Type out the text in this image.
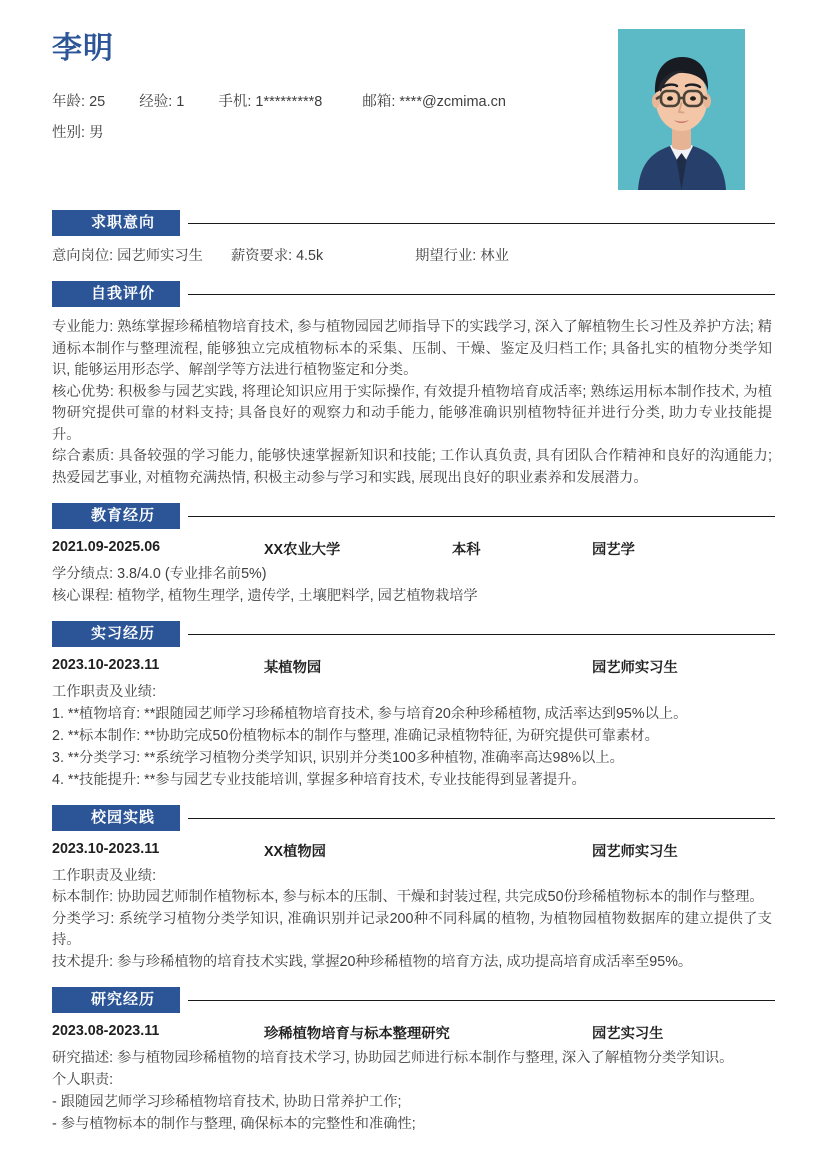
李明
年龄: 25 经验: 1 手机: 1*********8	邮箱: ****@zcmima.cn
性别: 男
求职意向
意向岗位: 园艺师实习生 薪资要求: 4.5k	期望行业: 林业
自我评价

专业能力: 熟练掌握珍稀植物培育技术, 参与植物园园艺师指导下的实践学习, 深入了解植物生长习性及养护方法; 精通标本制作与整理流程, 能够独立完成植物标本的采集、压制、干燥、鉴定及归档工作; 具备扎实的植物分类学知识, 能够运用形态学、解剖学等方法进行植物鉴定和分类。

核心优势: 积极参与园艺实践, 将理论知识应用于实际操作, 有效提升植物培育成活率; 熟练运用标本制作技术, 为植物研究提供可靠的材料支持; 具备良好的观察力和动手能力, 能够准确识别植物特征并进行分类, 助力专业技能提升。

综合素质: 具备较强的学习能力, 能够快速掌握新知识和技能; 工作认真负责, 具有团队合作精神和良好的沟通能力; 热爱园艺事业, 对植物充满热情, 积极主动参与学习和实践, 展现出良好的职业素养和发展潜力。

教育经历
2021.09-2025.06	XX农业大学	本科	园艺学
学分绩点: 3.8/4.0 (专业排名前5%)
核心课程: 植物学, 植物生理学, 遗传学, 土壤肥料学, 园艺植物栽培学
实习经历
2023.10-2023.11	某植物园	园艺师实习生
工作职责及业绩:
1. **植物培育: **跟随园艺师学习珍稀植物培育技术, 参与培育20余种珍稀植物, 成活率达到95%以上。
2. **标本制作: **协助完成50份植物标本的制作与整理, 准确记录植物特征, 为研究提供可靠素材。
3. **分类学习: **系统学习植物分类学知识, 识别并分类100多种植物, 准确率高达98%以上。
4. **技能提升: **参与园艺专业技能培训, 掌握多种培育技术, 专业技能得到显著提升。
校园实践
2023.10-2023.11	XX植物园	园艺师实习生
工作职责及业绩:

标本制作: 协助园艺师制作植物标本, 参与标本的压制、干燥和封装过程, 共完成50份珍稀植物标本的制作与整理。

分类学习: 系统学习植物分类学知识, 准确识别并记录200种不同科属的植物, 为植物园植物数据库的建立提供了支持。

技术提升: 参与珍稀植物的培育技术实践, 掌握20种珍稀植物的培育方法, 成功提高培育成活率至95%。

研究经历
2023.08-2023.11	珍稀植物培育与标本整理研究	园艺实习生
研究描述: 参与植物园珍稀植物的培育技术学习, 协助园艺师进行标本制作与整理, 深入了解植物分类学知识。
个人职责:
- 跟随园艺师学习珍稀植物培育技术, 协助日常养护工作;
- 参与植物标本的制作与整理, 确保标本的完整性和准确性;
